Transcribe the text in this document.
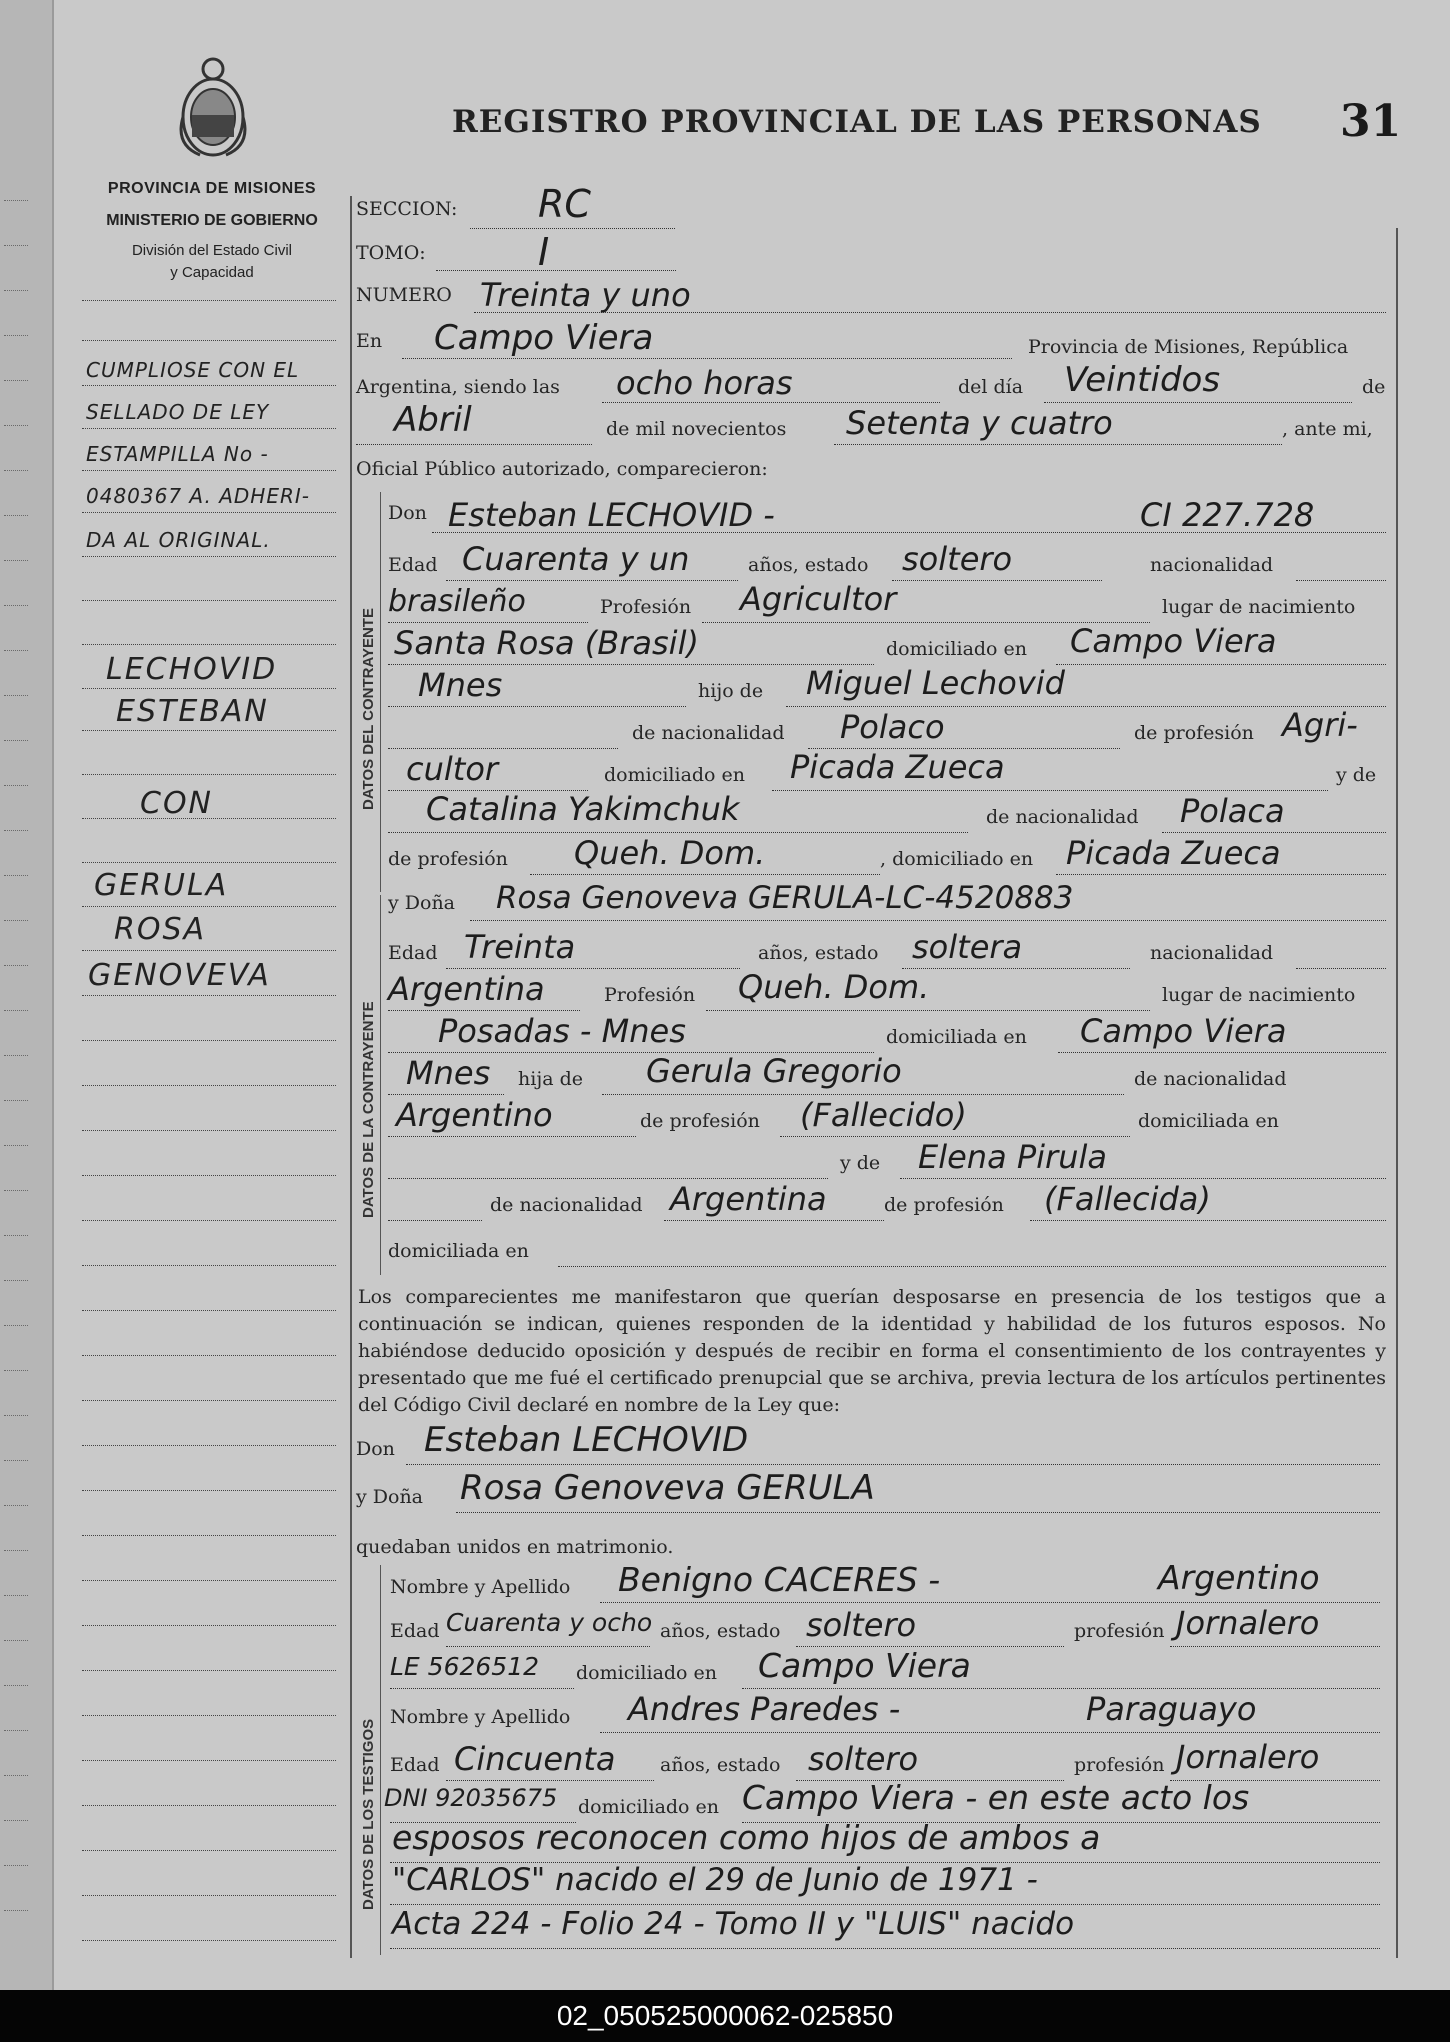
PROVINCIA DE MISIONES
MINISTERIO DE GOBIERNO
División del Estado Civil
y Capacidad
REGISTRO PROVINCIAL DE LAS PERSONAS 31
DATOS DEL CONTRAYENTE
DATOS DE LA CONTRAYENTE
DATOS DE LOS TESTIGOS
CUMPLIOSE CON EL
SELLADO DE LEY
ESTAMPILLA No -
0480367 A. ADHERI-
DA AL ORIGINAL.
LECHOVID
ESTEBAN
CON
GERULA
ROSA
GENOVEVA
SECCION: RC
TOMO:	I
NUMERO Treinta y uno
En Campo Viera	Provincia de Misiones, República
Argentina, siendo las ocho horas	del día Veintidos	de
Abril	de mil novecientos Setenta y cuatro	, ante mi,
Oficial Público autorizado, comparecieron:
Don Esteban LECHOVID -	CI 227.728
Edad Cuarenta y un	años, estado soltero	nacionalidad
brasileño	Profesión Agricultor	lugar de nacimiento
Santa Rosa (Brasil)	domiciliado en Campo Viera
Mnes	hijo de Miguel Lechovid
de nacionalidad Polaco	de profesión Agri-
cultor	domiciliado en Picada Zueca	y de
Catalina Yakimchuk	de nacionalidad Polaca
de profesión Queh. Dom.	, domiciliado en Picada Zueca
y Doña Rosa Genoveva GERULA-LC-4520883
Edad Treinta	años, estado soltera	nacionalidad
Argentina	Profesión Queh. Dom.	lugar de nacimiento
Posadas - Mnes	domiciliada en Campo Viera
Mnes hija de Gerula Gregorio	de nacionalidad
Argentino	de profesión (Fallecido)	domiciliada en
y de Elena Pirula
de nacionalidad Argentina	de profesión (Fallecida)
domiciliada en
Los comparecientes me manifestaron que querían desposarse en presencia de los testigos que a continuación se indican, quienes responden de la identidad y habilidad de los futuros esposos. No habiéndose deducido oposición y después de recibir en forma el consentimiento de los contrayentes y presentado que me fué el certificado prenupcial que se archiva, previa lectura de los artículos pertinentes del Código Civil declaré en nombre de la Ley que:
Don Esteban LECHOVID
y Doña Rosa Genoveva GERULA
quedaban unidos en matrimonio.
Nombre y Apellido Benigno CACERES -	Argentino
Edad Cuarenta y ocho años, estado soltero	profesión Jornalero
LE 5626512 domiciliado en Campo Viera
Nombre y Apellido Andres Paredes -	Paraguayo
Edad Cincuenta años, estado soltero	profesión Jornalero
DNI 92035675 domiciliado en Campo Viera - en este acto los
esposos reconocen como hijos de ambos a
"CARLOS" nacido el 29 de Junio de 1971 -
Acta 224 - Folio 24 - Tomo II y "LUIS" nacido
02_050525000062-025850
